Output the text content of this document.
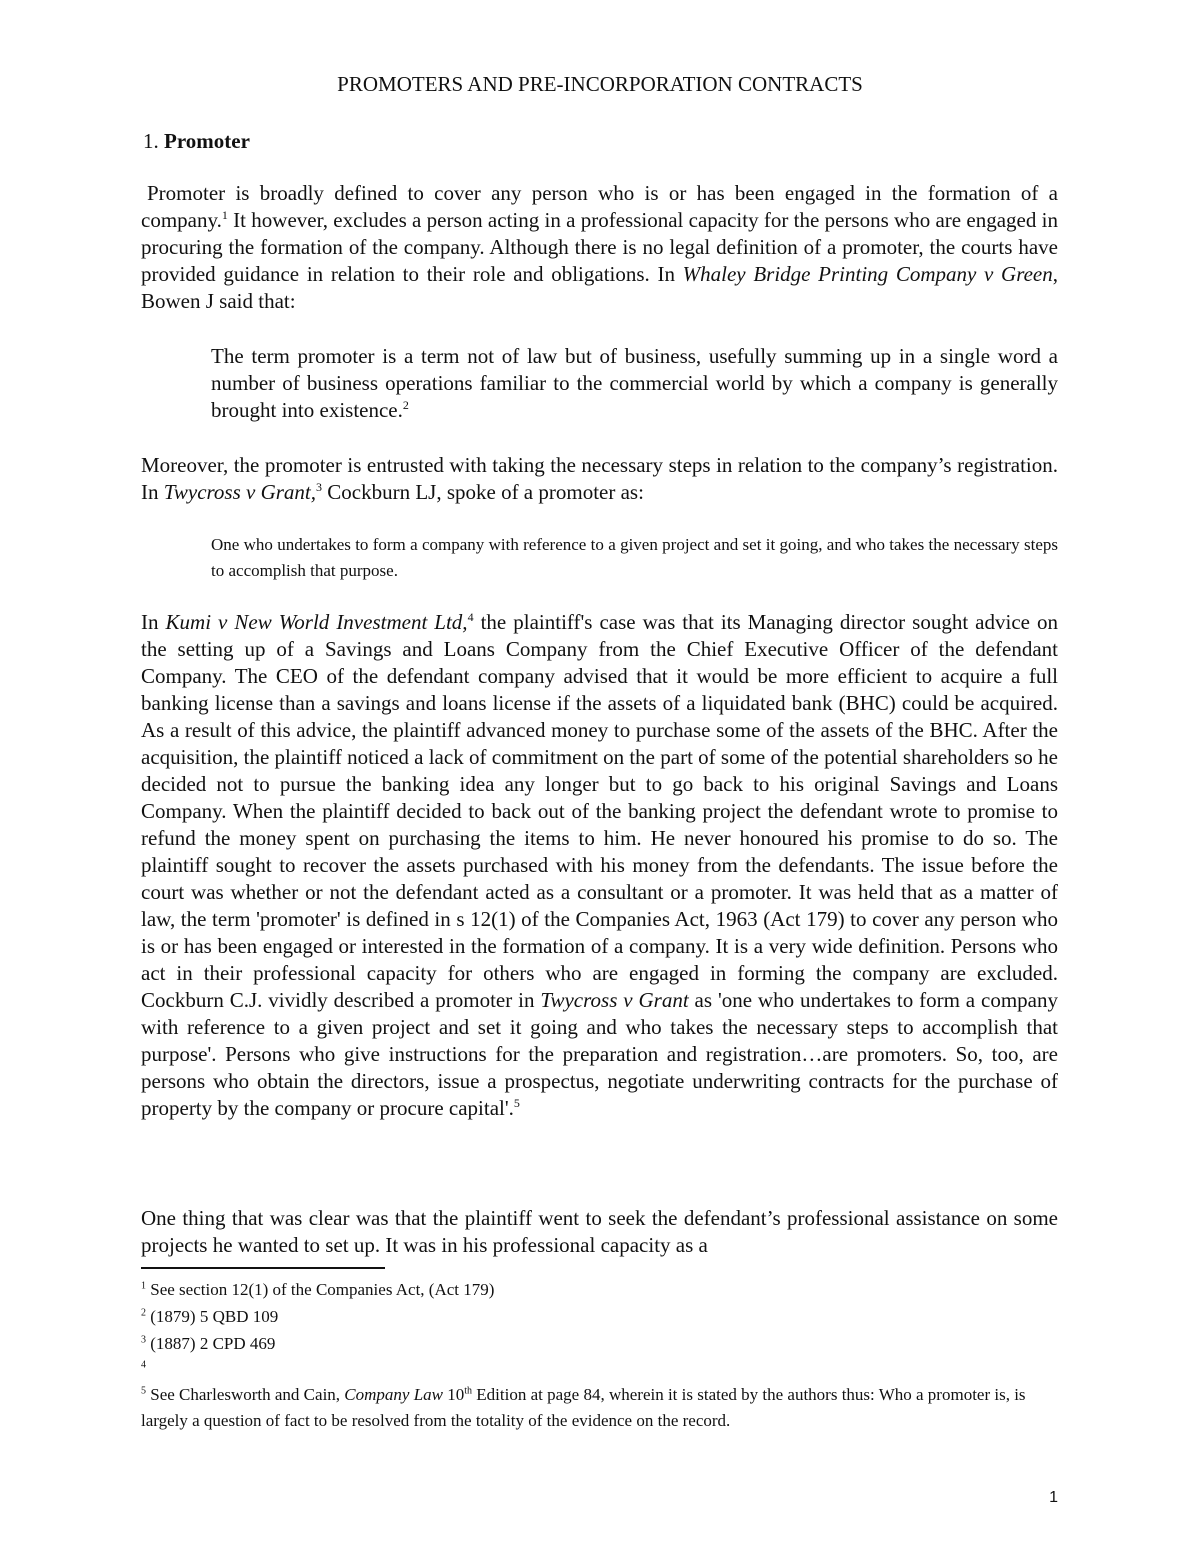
PROMOTERS AND PRE-INCORPORATION CONTRACTS
1. Promoter

Promoter is broadly defined to cover any person who is or has been engaged in the formation of a company.$^1$ It however, excludes a person acting in a professional capacity for the persons who are engaged in procuring the formation of the company. Although there is no legal definition of a promoter, the courts have provided guidance in relation to their role and obligations. In Whaley Bridge Printing Company v Green, Bowen J said that:

The term promoter is a term not of law but of business, usefully summing up in a single word a number of business operations familiar to the commercial world by which a company is generally brought into existence.$^2$

Moreover, the promoter is entrusted with taking the necessary steps in relation to the company’s registration. In Twycross v Grant,$^3$ Cockburn LJ, spoke of a promoter as:

One who undertakes to form a company with reference to a given project and set it going, and who takes the necessary steps to accomplish that purpose.

In Kumi v New World Investment Ltd,$^4$ the plaintiff's case was that its Managing director sought advice on the setting up of a Savings and Loans Company from the Chief Executive Officer of the defendant Company. The CEO of the defendant company advised that it would be more efficient to acquire a full banking license than a savings and loans license if the assets of a liquidated bank (BHC) could be acquired. As a result of this advice, the plaintiff advanced money to purchase some of the assets of the BHC. After the acquisition, the plaintiff noticed a lack of commitment on the part of some of the potential shareholders so he decided not to pursue the banking idea any longer but to go back to his original Savings and Loans Company. When the plaintiff decided to back out of the banking project the defendant wrote to promise to refund the money spent on purchasing the items to him. He never honoured his promise to do so. The plaintiff sought to recover the assets purchased with his money from the defendants. The issue before the court was whether or not the defendant acted as a consultant or a promoter. It was held that as a matter of law, the term 'promoter' is defined in s 12(1) of the Companies Act, 1963 (Act 179) to cover any person who is or has been engaged or interested in the formation of a company. It is a very wide definition. Persons who act in their professional capacity for others who are engaged in forming the company are excluded. Cockburn C.J. vividly described a promoter in Twycross v Grant as 'one who undertakes to form a company with reference to a given project and set it going and who takes the necessary steps to accomplish that purpose'. Persons who give instructions for the preparation and registration…are promoters. So, too, are persons who obtain the directors, issue a prospectus, negotiate underwriting contracts for the purchase of property by the company or procure capital'.$^5$

One thing that was clear was that the plaintiff went to seek the defendant’s professional assistance on some projects he wanted to set up. It was in his professional capacity as a

$^1$ See section 12(1) of the Companies Act, (Act 179)

$^2$ (1879) 5 QBD 109

$^3$ (1887) 2 CPD 469

$^4$

$^5$ See Charlesworth and Cain, Company Law 10th Edition at page 84, wherein it is stated by the authors thus: Who a promoter is, is largely a question of fact to be resolved from the totality of the evidence on the record.

1
